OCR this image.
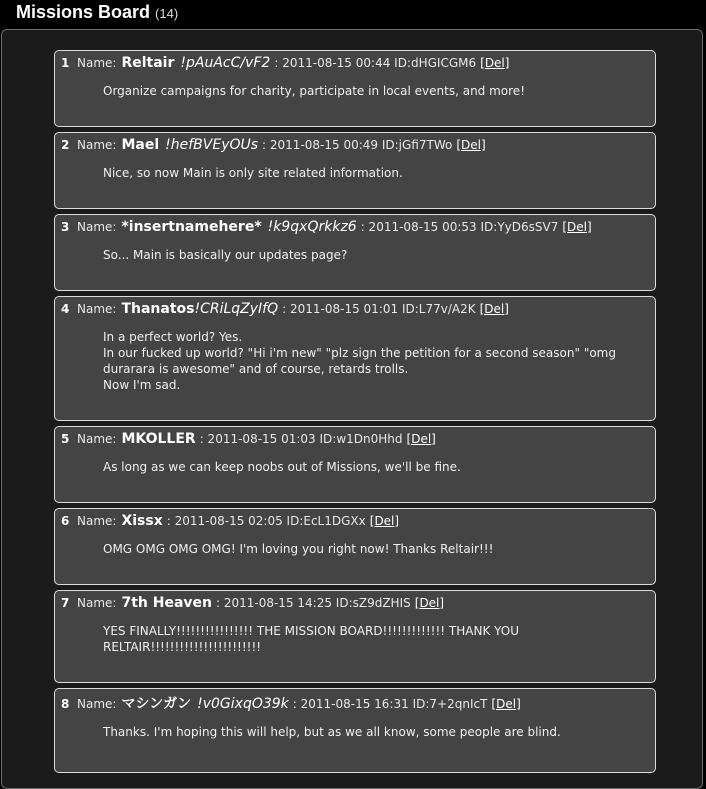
Missions Board (14)
1 Name: Reltair !pAuAcC/vF2 : 2011-08-15 00:44 ID:dHGICGM6 [Del]

Organize campaigns for charity, participate in local events, and more!

2 Name: Mael !hefBVEyOUs : 2011-08-15 00:49 ID:jGfi7TWo [Del]

Nice, so now Main is only site related information.

3 Name: *insertnamehere* !k9qxQrkkz6 : 2011-08-15 00:53 ID:YyD6sSV7 [Del]

So... Main is basically our updates page?

4 Name: Thanatos !CRiLqZyIfQ : 2011-08-15 01:01 ID:L77v/A2K [Del]

In a perfect world? Yes.

In our fucked up world? "Hi i'm new" "plz sign the petition for a second season" "omg durarara is awesome" and of course, retards trolls.

Now I'm sad.

5 Name: MKOLLER : 2011-08-15 01:03 ID:w1Dn0Hhd [Del]

As long as we can keep noobs out of Missions, we'll be fine.

6 Name: Xissx : 2011-08-15 02:05 ID:EcL1DGXx [Del]

OMG OMG OMG OMG! I'm loving you right now! Thanks Reltair!!!

7 Name: 7th Heaven : 2011-08-15 14:25 ID:sZ9dZHIS [Del]

YES FINALLY!!!!!!!!!!!!!!!! THE MISSION BOARD!!!!!!!!!!!!! THANK YOU RELTAIR!!!!!!!!!!!!!!!!!!!!!!!

8 Name: マシンガン !v0GixqO39k : 2011-08-15 16:31 ID:7+2qnIcT [Del]

Thanks. I'm hoping this will help, but as we all know, some people are blind.
